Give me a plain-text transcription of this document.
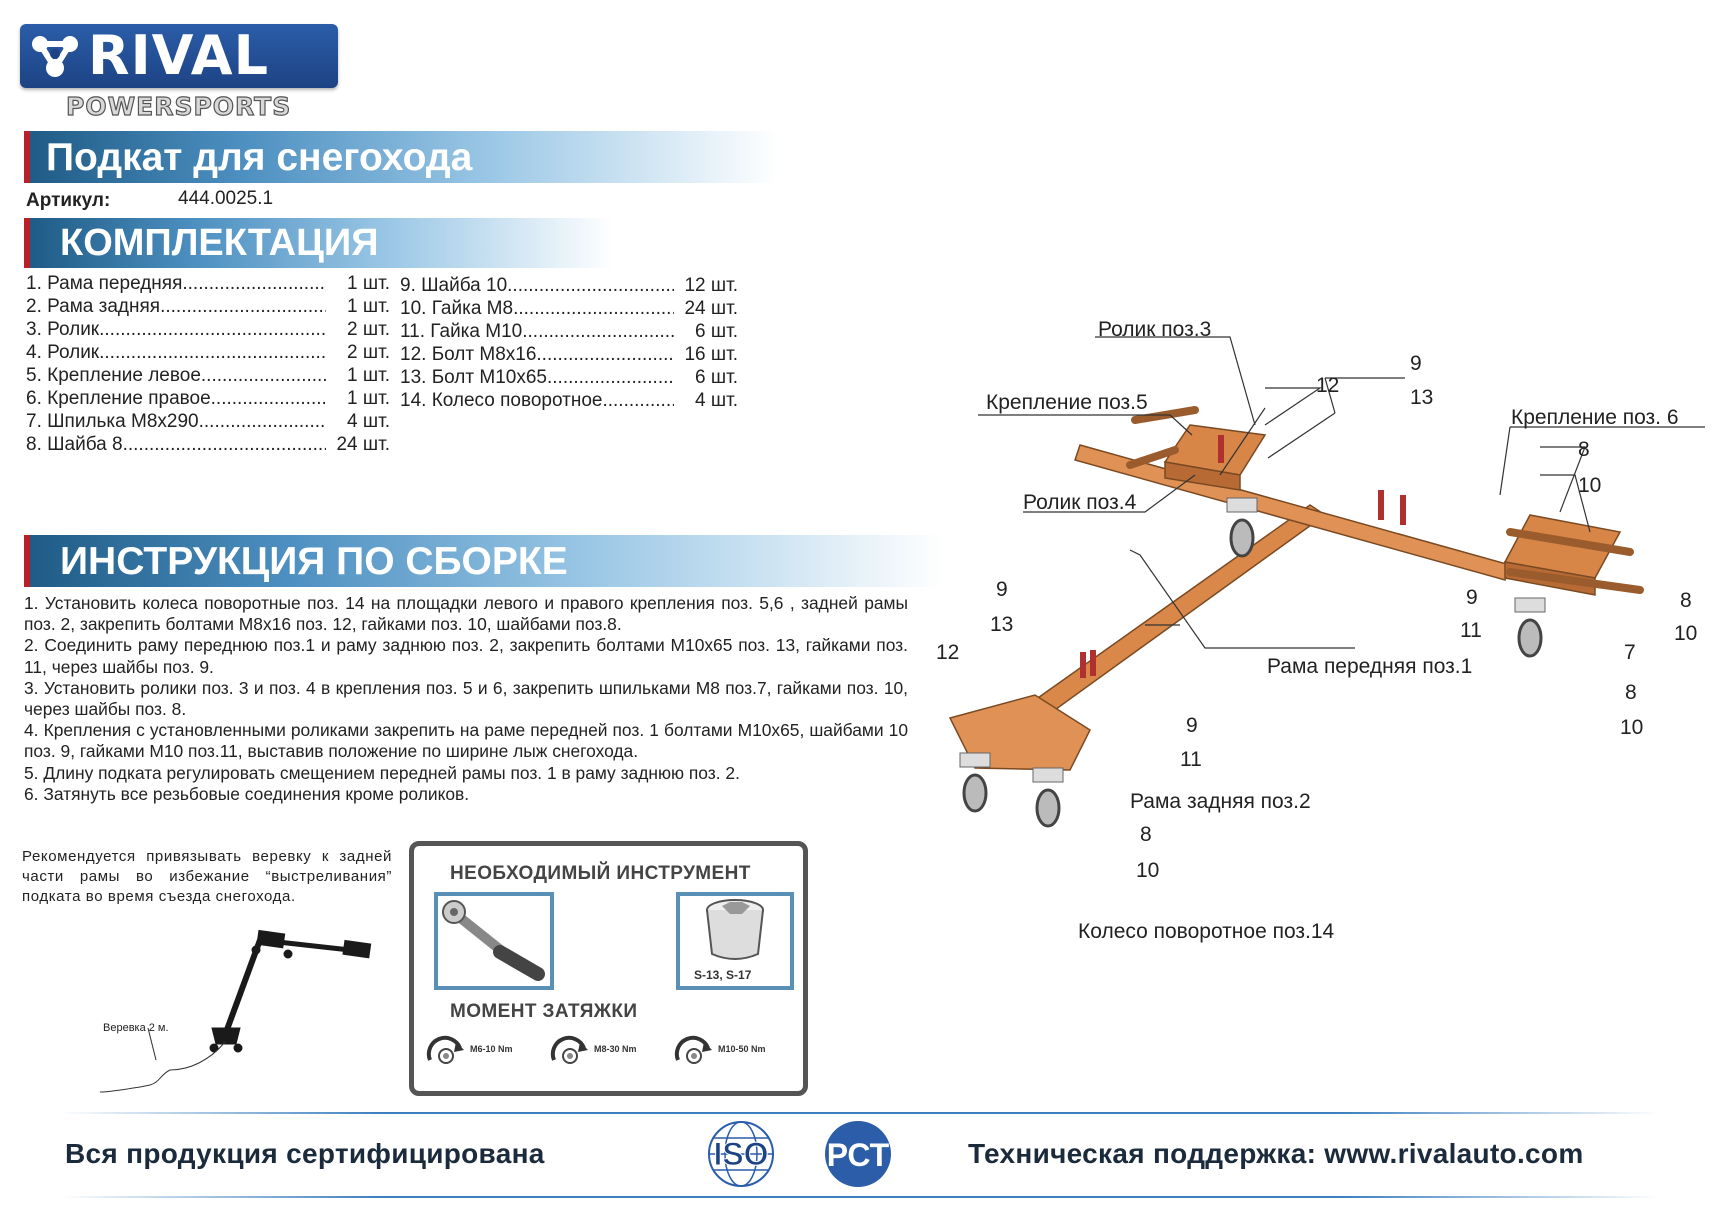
RIVAL
POWERSPORTS
Подкат для снегохода
Артикул:	444.0025.1
КОМПЛЕКТАЦИЯ
1. Рама передняя .....	1 шт.
2. Рама задняя .....	1 шт.
3. Ролик .....	2 шт.
4. Ролик .....	2 шт.
5. Крепление левое .....	1 шт.
6. Крепление правое .....	1 шт.
7. Шпилька M8x290 .....	4 шт.
8. Шайба 8 .....	24 шт.
9. Шайба 10 .....	12 шт.
10. Гайка M8 .....	24 шт.
11. Гайка M10 .....	6 шт.
12. Болт M8x16 .....	16 шт.
13. Болт M10x65 .....	6 шт.
14. Колесо поворотное .....	4 шт.
ИНСТРУКЦИЯ ПО СБОРКЕ
1. Установить колеса поворотные поз. 14 на площадки левого и правого крепления поз. 5,6 , задней рамы поз. 2, закрепить болтами M8x16 поз. 12, гайками поз. 10, шайбами поз.8.
2. Соединить раму переднюю поз.1 и раму заднюю поз. 2, закрепить болтами M10x65 поз. 13, гайками поз. 11, через шайбы поз. 9.
3. Установить ролики поз. 3 и поз. 4 в крепления поз. 5 и 6, закрепить шпильками M8 поз.7, гайками поз. 10, через шайбы поз. 8.
4. Крепления с установленными роликами закрепить на раме передней поз. 1 болтами M10x65, шайбами 10 поз. 9, гайками M10 поз.11, выставив положение по ширине лыж снегохода.
5. Длину подката регулировать смещением передней рамы поз. 1 в раму заднюю поз. 2.
6. Затянуть все резьбовые соединения кроме роликов.
Рекомендуется привязывать веревку к задней части рамы во избежание “выстреливания” подката во время съезда снегохода.
Веревка 2 м.
НЕОБХОДИМЫЙ ИНСТРУМЕНТ
S-13, S-17
МОМЕНТ ЗАТЯЖКИ
M6-10 Nm	M8-30 Nm	M10-50 Nm
Ролик поз.3
Крепление поз.5
Ролик поз.4
Крепление поз. 6
Рама передняя поз.1
Рама задняя поз.2
Колесо поворотное поз.14
12
9
13
8
10
9
11
8
10
7
8
10
9
13
12
9
11
8
10
Вся продукция сертифицирована	ISO РСТ	Техническая поддержка: www.rivalauto.com
